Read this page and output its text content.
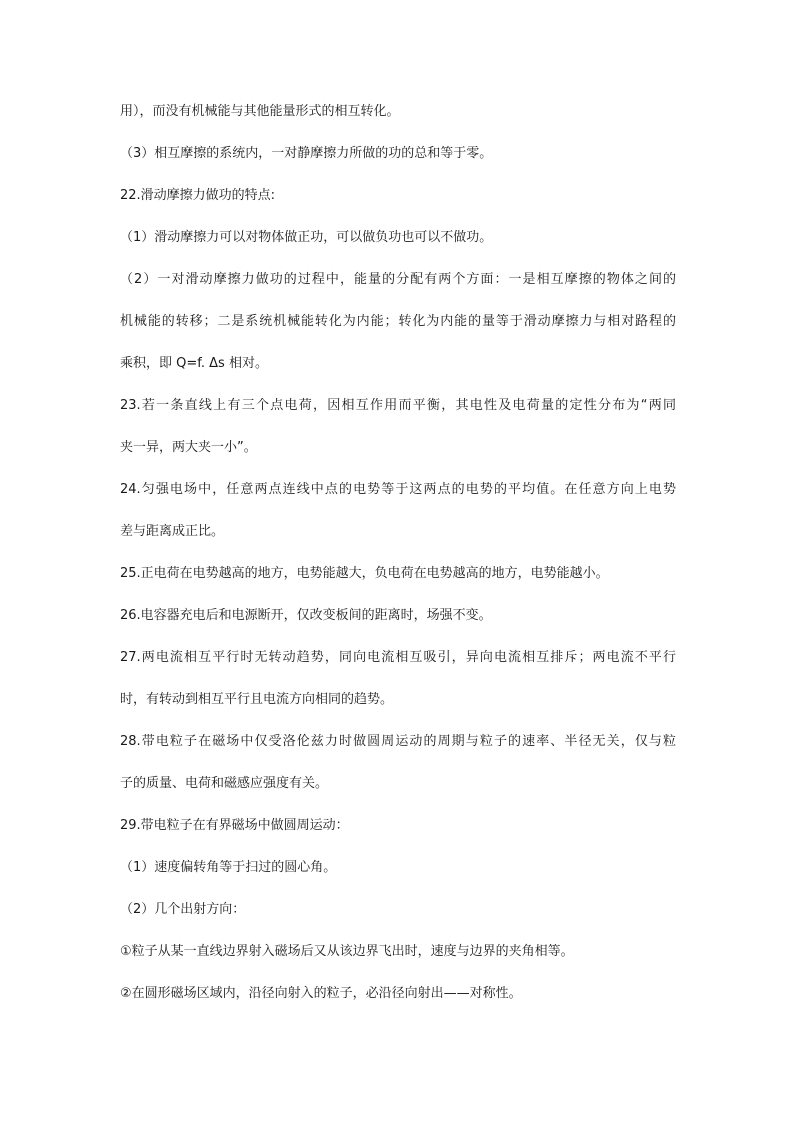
用），而没有机械能与其他能量形式的相互转化。

（3）相互摩擦的系统内，一对静摩擦力所做的功的总和等于零。

22.滑动摩擦力做功的特点:

（1）滑动摩擦力可以对物体做正功，可以做负功也可以不做功。

（2）一对滑动摩擦力做功的过程中，能量的分配有两个方面：一是相互摩擦的物体之间的

机械能的转移；二是系统机械能转化为内能；转化为内能的量等于滑动摩擦力与相对路程的

乘积，即 Q=f. Δs 相对。

23.若一条直线上有三个点电荷，因相互作用而平衡，其电性及电荷量的定性分布为“两同

夹一异，两大夹一小”。

24.匀强电场中，任意两点连线中点的电势等于这两点的电势的平均值。在任意方向上电势

差与距离成正比。

25.正电荷在电势越高的地方，电势能越大，负电荷在电势越高的地方，电势能越小。

26.电容器充电后和电源断开，仅改变板间的距离时，场强不变。

27.两电流相互平行时无转动趋势，同向电流相互吸引，异向电流相互排斥；两电流不平行

时，有转动到相互平行且电流方向相同的趋势。

28.带电粒子在磁场中仅受洛伦兹力时做圆周运动的周期与粒子的速率、半径无关，仅与粒

子的质量、电荷和磁感应强度有关。

29.带电粒子在有界磁场中做圆周运动：

（1）速度偏转角等于扫过的圆心角。

（2）几个出射方向：

①粒子从某一直线边界射入磁场后又从该边界飞出时，速度与边界的夹角相等。

②在圆形磁场区域内，沿径向射入的粒子，必沿径向射出——对称性。
